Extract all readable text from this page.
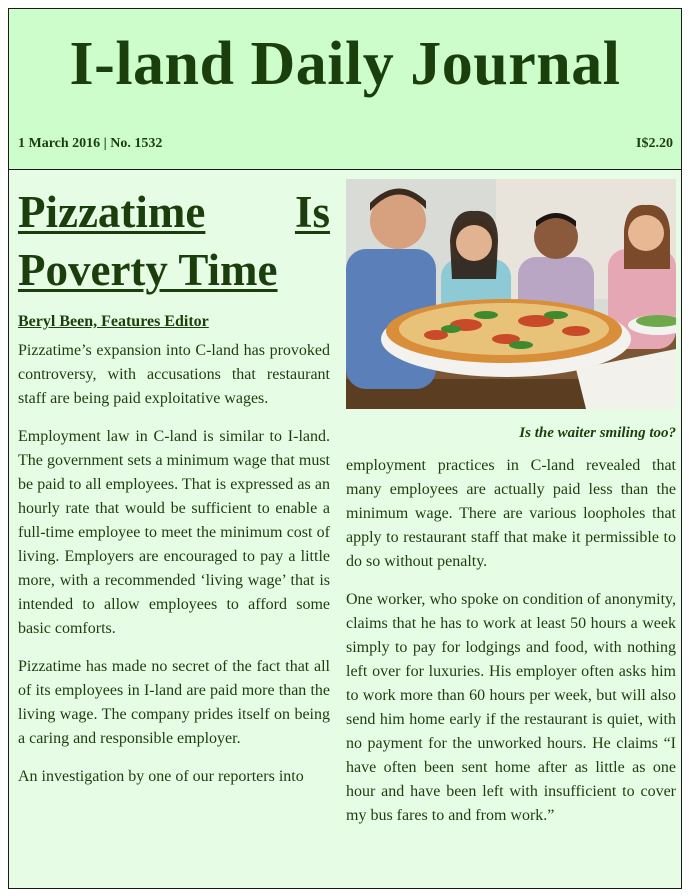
I-land Daily Journal
1 March 2016 | No. 1532	I$2.20
Pizzatime Is
Poverty Time
Beryl Been, Features Editor

Pizzatime’s expansion into C-land has provoked controversy, with accusations that restaurant staff are being paid exploitative wages.

Employment law in C-land is similar to I-land. The government sets a minimum wage that must be paid to all employees. That is expressed as an hourly rate that would be sufficient to enable a full-time employee to meet the minimum cost of living. Employers are encouraged to pay a little more, with a recommended ‘living wage’ that is intended to allow employees to afford some basic comforts.

Pizzatime has made no secret of the fact that all of its employees in I-land are paid more than the living wage. The company prides itself on being a caring and responsible employer.

An investigation by one of our reporters into

Is the waiter smiling too?

employment practices in C-land revealed that many employees are actually paid less than the minimum wage. There are various loopholes that apply to restaurant staff that make it permissible to do so without penalty.

One worker, who spoke on condition of anonymity, claims that he has to work at least 50 hours a week simply to pay for lodgings and food, with nothing left over for luxuries. His employer often asks him to work more than 60 hours per week, but will also send him home early if the restaurant is quiet, with no payment for the unworked hours. He claims “I have often been sent home after as little as one hour and have been left with insufficient to cover my bus fares to and from work.”
